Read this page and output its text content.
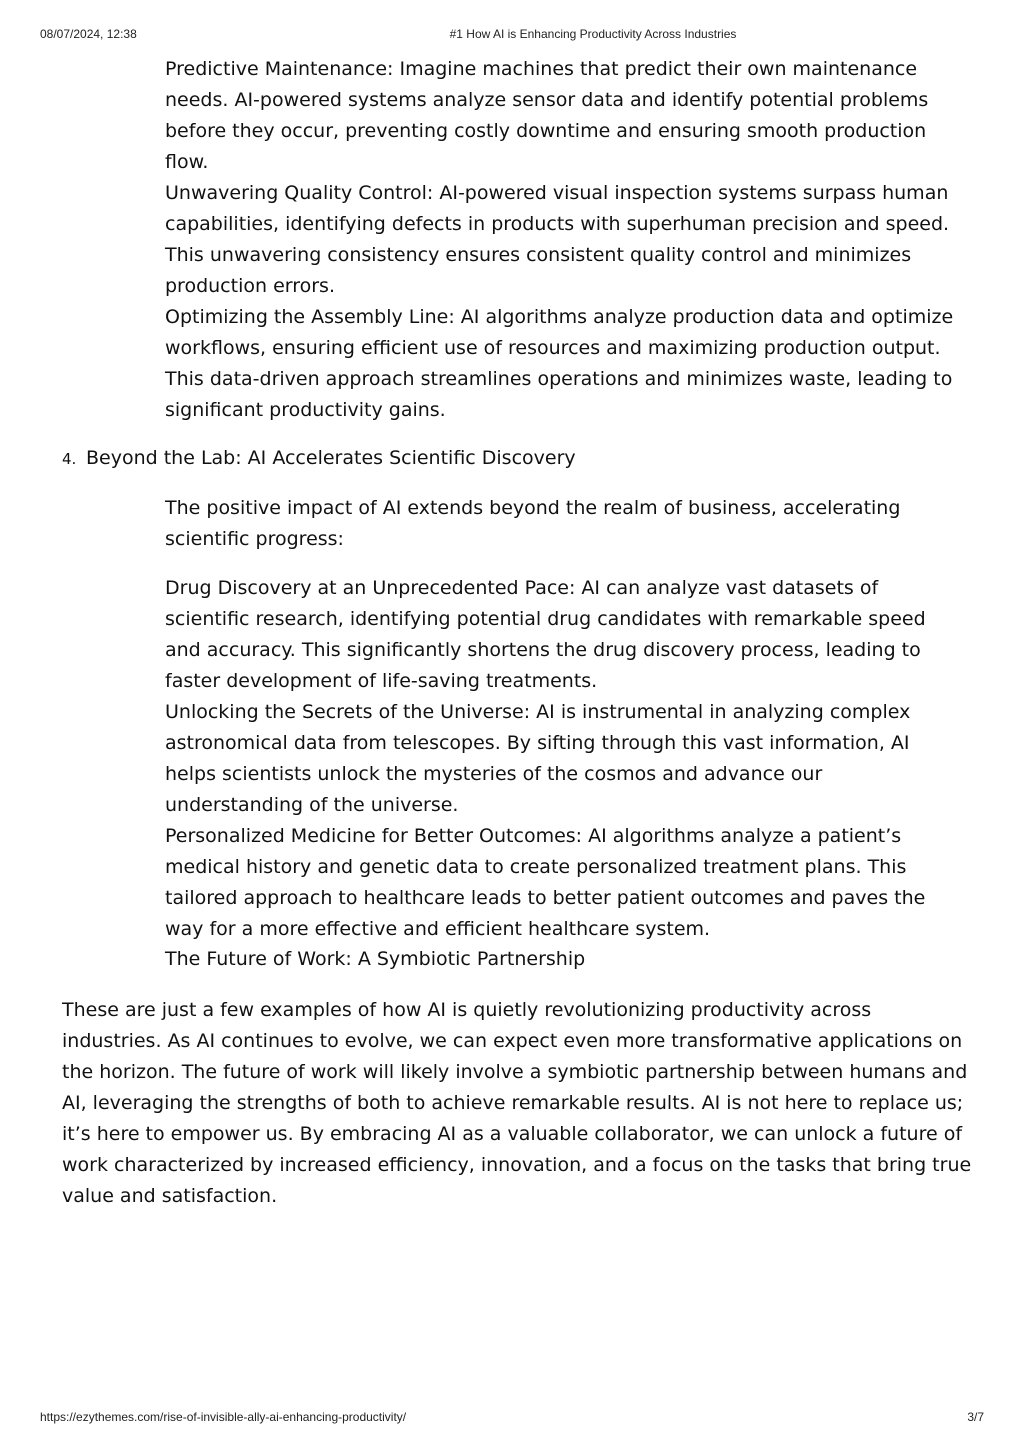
08/07/2024, 12:38	#1 How AI is Enhancing Productivity Across Industries

Predictive Maintenance: Imagine machines that predict their own maintenance needs. AI-powered systems analyze sensor data and identify potential problems before they occur, preventing costly downtime and ensuring smooth production flow.

Unwavering Quality Control: AI-powered visual inspection systems surpass human capabilities, identifying defects in products with superhuman precision and speed. This unwavering consistency ensures consistent quality control and minimizes production errors.

Optimizing the Assembly Line: AI algorithms analyze production data and optimize workflows, ensuring efficient use of resources and maximizing production output. This data-driven approach streamlines operations and minimizes waste, leading to significant productivity gains.

4. Beyond the Lab: AI Accelerates Scientific Discovery

The positive impact of AI extends beyond the realm of business, accelerating scientific progress:

Drug Discovery at an Unprecedented Pace: AI can analyze vast datasets of scientific research, identifying potential drug candidates with remarkable speed and accuracy. This significantly shortens the drug discovery process, leading to faster development of life-saving treatments.

Unlocking the Secrets of the Universe: AI is instrumental in analyzing complex astronomical data from telescopes. By sifting through this vast information, AI helps scientists unlock the mysteries of the cosmos and advance our understanding of the universe.

Personalized Medicine for Better Outcomes: AI algorithms analyze a patient’s medical history and genetic data to create personalized treatment plans. This tailored approach to healthcare leads to better patient outcomes and paves the way for a more effective and efficient healthcare system.

The Future of Work: A Symbiotic Partnership

These are just a few examples of how AI is quietly revolutionizing productivity across industries. As AI continues to evolve, we can expect even more transformative applications on the horizon. The future of work will likely involve a symbiotic partnership between humans and AI, leveraging the strengths of both to achieve remarkable results. AI is not here to replace us; it’s here to empower us. By embracing AI as a valuable collaborator, we can unlock a future of work characterized by increased efficiency, innovation, and a focus on the tasks that bring true value and satisfaction.

https://ezythemes.com/rise-of-invisible-ally-ai-enhancing-productivity/	3/7
